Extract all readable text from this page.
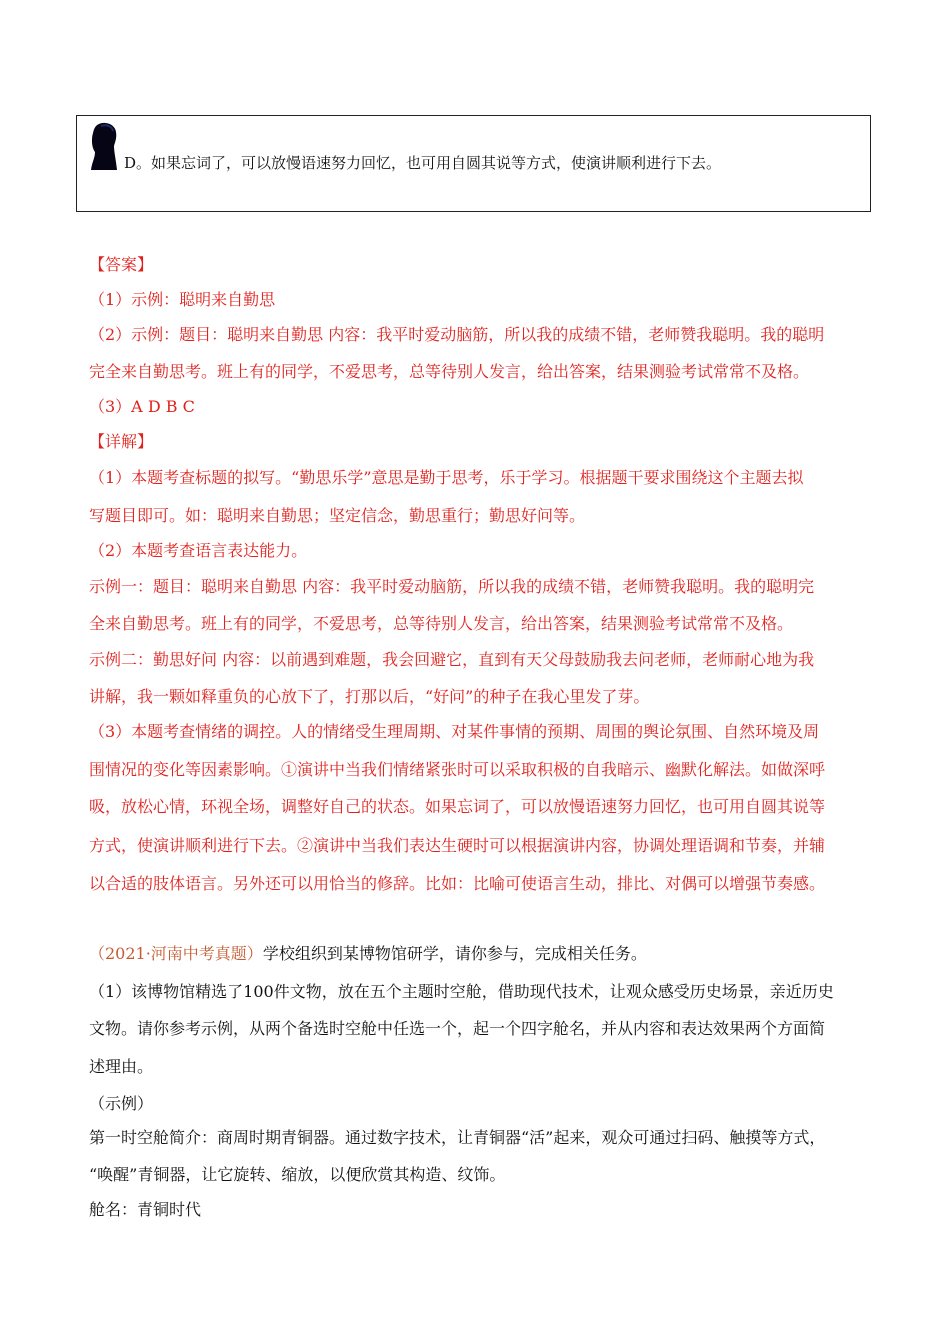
D。如果忘词了，可以放慢语速努力回忆，也可用自圆其说等方式，使演讲顺利进行下去。
【答案】
（1）示例：聪明来自勤思
（2）示例：题目：聪明来自勤思 内容：我平时爱动脑筋，所以我的成绩不错，老师赞我聪明。我的聪明
完全来自勤思考。班上有的同学，不爱思考，总等待别人发言，给出答案，结果测验考试常常不及格。
（3）A D B C
【详解】
（1）本题考查标题的拟写。“勤思乐学”意思是勤于思考，乐于学习。根据题干要求围绕这个主题去拟
写题目即可。如：聪明来自勤思；坚定信念，勤思重行；勤思好问等。
（2）本题考查语言表达能力。
示例一：题目：聪明来自勤思 内容：我平时爱动脑筋，所以我的成绩不错，老师赞我聪明。我的聪明完
全来自勤思考。班上有的同学，不爱思考，总等待别人发言，给出答案，结果测验考试常常不及格。
示例二：勤思好问 内容：以前遇到难题，我会回避它，直到有天父母鼓励我去问老师，老师耐心地为我
讲解，我一颗如释重负的心放下了，打那以后，“好问”的种子在我心里发了芽。
（3）本题考查情绪的调控。人的情绪受生理周期、对某件事情的预期、周围的舆论氛围、自然环境及周
围情况的变化等因素影响。①演讲中当我们情绪紧张时可以采取积极的自我暗示、幽默化解法。如做深呼
吸，放松心情，环视全场，调整好自己的状态。如果忘词了，可以放慢语速努力回忆，也可用自圆其说等
方式，使演讲顺利进行下去。②演讲中当我们表达生硬时可以根据演讲内容，协调处理语调和节奏，并辅
以合适的肢体语言。另外还可以用恰当的修辞。比如：比喻可使语言生动，排比、对偶可以增强节奏感。
（2021·河南中考真题）学校组织到某博物馆研学，请你参与，完成相关任务。
（1）该博物馆精选了100件文物，放在五个主题时空舱，借助现代技术，让观众感受历史场景，亲近历史
文物。请你参考示例，从两个备选时空舱中任选一个，起一个四字舱名，并从内容和表达效果两个方面简
述理由。
（示例）
第一时空舱简介：商周时期青铜器。通过数字技术，让青铜器“活”起来，观众可通过扫码、触摸等方式，
“唤醒”青铜器，让它旋转、缩放，以便欣赏其构造、纹饰。
舱名：青铜时代
